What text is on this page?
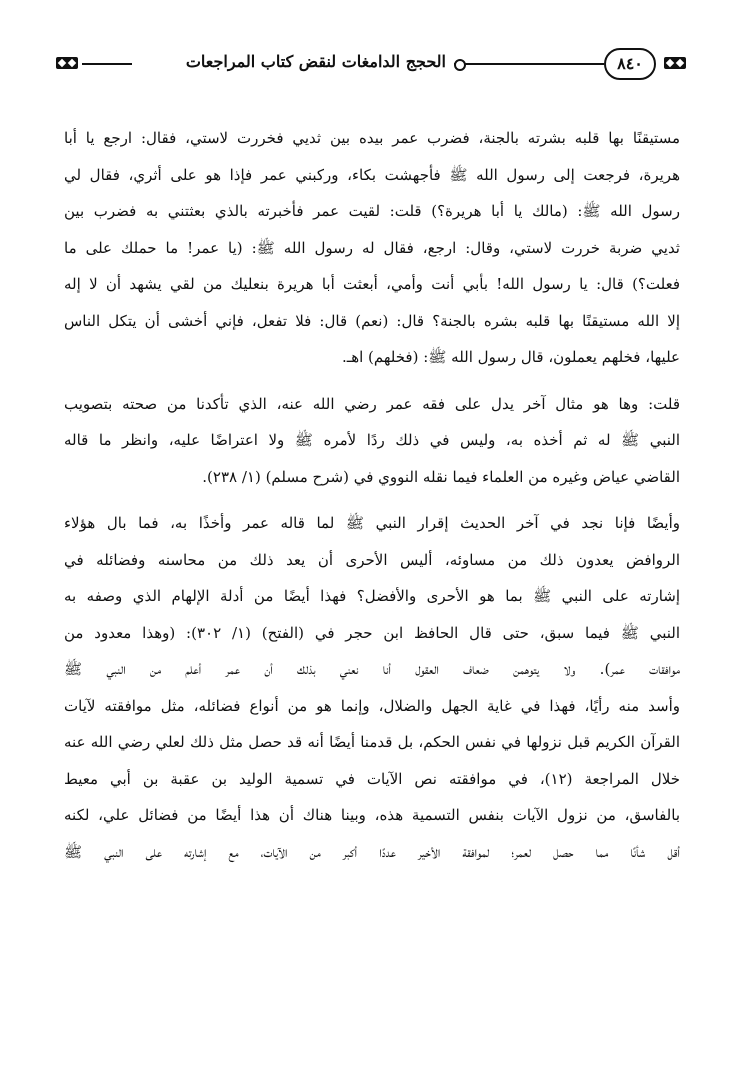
٨٤٠
الحجج الدامغات لنقض كتاب المراجعات
مستيقنًا بها قلبه بشرته بالجنة، فضرب عمر بيده بين ثديي فخررت لاستي، فقال: ارجع يا أبا
هريرة، فرجعت إلى رسول الله ﷺ فأجهشت بكاء، وركبني عمر فإذا هو على أثري، فقال لي
رسول الله ﷺ: (مالك يا أبا هريرة؟) قلت: لقيت عمر فأخبرته بالذي بعثتني به فضرب بين
ثديي ضربة خررت لاستي، وقال: ارجع، فقال له رسول الله ﷺ: (يا عمر! ما حملك على ما
فعلت؟) قال: يا رسول الله! بأبي أنت وأمي، أبعثت أبا هريرة بنعليك من لقي يشهد أن لا إله
إلا الله مستيقنًا بها قلبه بشره بالجنة؟ قال: (نعم) قال: فلا تفعل، فإني أخشى أن يتكل الناس
عليها، فخلهم يعملون، قال رسول الله ﷺ: (فخلهم) اهـ.
قلت: وها هو مثال آخر يدل على فقه عمر رضي الله عنه، الذي تأكدنا من صحته بتصويب
النبي ﷺ له ثم أخذه به، وليس في ذلك ردًا لأمره ﷺ ولا اعتراضًا عليه، وانظر ما قاله
القاضي عياض وغيره من العلماء فيما نقله النووي في (شرح مسلم) (١/ ٢٣٨).
وأيضًا فإنا نجد في آخر الحديث إقرار النبي ﷺ لما قاله عمر وأخذًا به، فما بال هؤلاء
الروافض يعدون ذلك من مساوئه، أليس الأحرى أن يعد ذلك من محاسنه وفضائله في
إشارته على النبي ﷺ بما هو الأحرى والأفضل؟ فهذا أيضًا من أدلة الإلهام الذي وصفه به
النبي ﷺ فيما سبق، حتى قال الحافظ ابن حجر في (الفتح) (١/ ٣٠٢): (وهذا معدود من
موافقات عمر). ولا يتوهمن ضعاف العقول أنا نعني بذلك أن عمر أعلم من النبي ﷺ
وأسد منه رأيًا، فهذا في غاية الجهل والضلال، وإنما هو من أنواع فضائله، مثل موافقته لآيات
القرآن الكريم قبل نزولها في نفس الحكم، بل قدمنا أيضًا أنه قد حصل مثل ذلك لعلي رضي الله عنه
خلال المراجعة (١٢)، في موافقته نص الآيات في تسمية الوليد بن عقبة بن أبي معيط
بالفاسق، من نزول الآيات بنفس التسمية هذه، وبينا هناك أن هذا أيضًا من فضائل علي، لكنه
أقل شأنًا مما حصل لعمر؛ لموافقة الأخير عددًا أكبر من الآيات، مع إشارته على النبي ﷺ
